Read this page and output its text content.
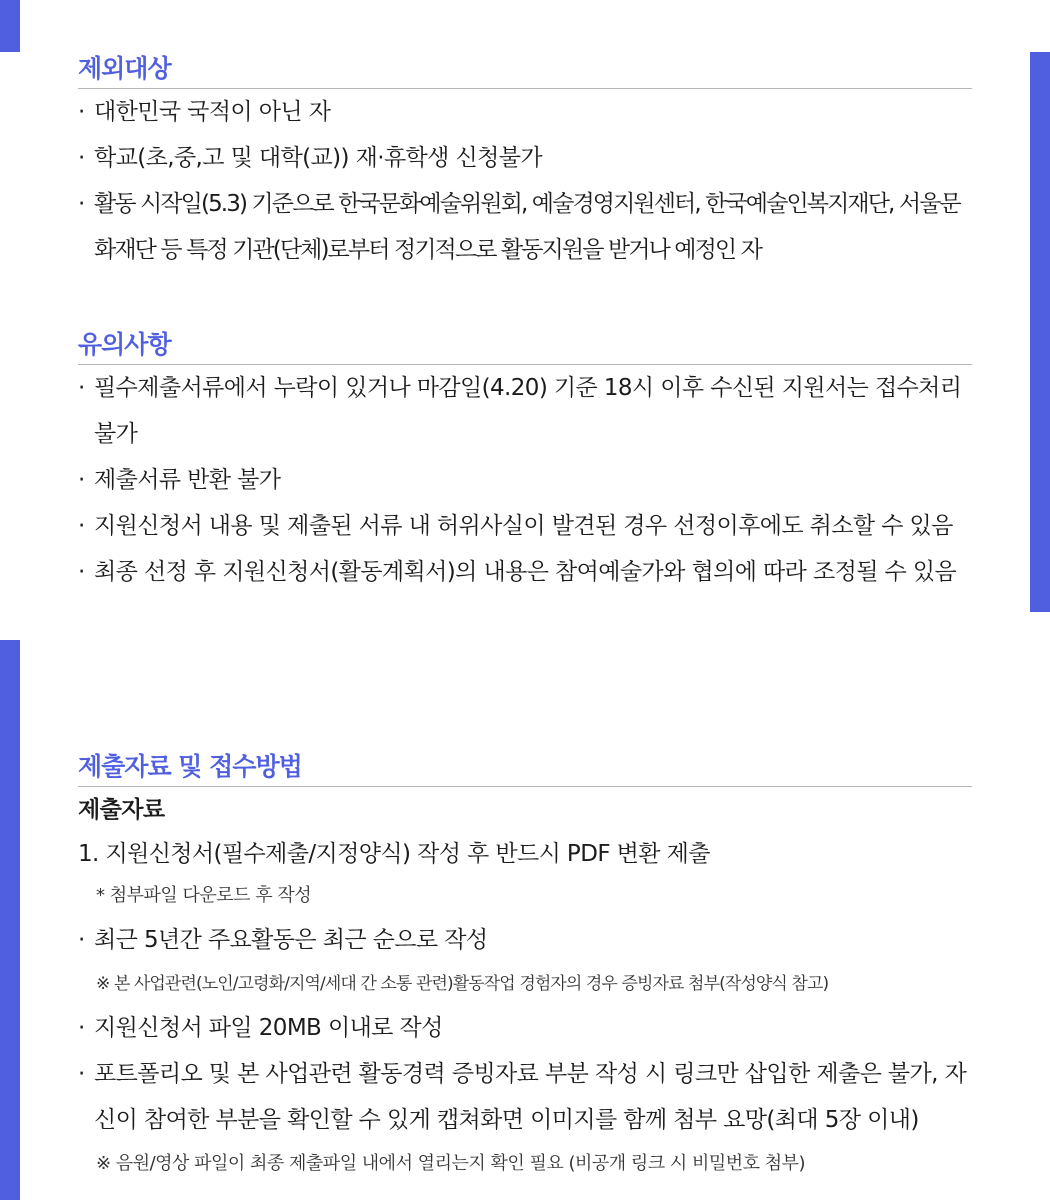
제외대상
· 대한민국 국적이 아닌 자
· 학교(초,중,고 및 대학(교)) 재·휴학생 신청불가
· 활동 시작일(5.3) 기준으로 한국문화예술위원회, 예술경영지원센터, 한국예술인복지재단, 서울문화재단 등 특정 기관(단체)로부터 정기적으로 활동지원을 받거나 예정인 자
유의사항
· 필수제출서류에서 누락이 있거나 마감일(4.20) 기준 18시 이후 수신된 지원서는 접수처리 불가
· 제출서류 반환 불가
· 지원신청서 내용 및 제출된 서류 내 허위사실이 발견된 경우 선정이후에도 취소할 수 있음
· 최종 선정 후 지원신청서(활동계획서)의 내용은 참여예술가와 협의에 따라 조정될 수 있음
제출자료 및 접수방법
제출자료
1. 지원신청서(필수제출/지정양식) 작성 후 반드시 PDF 변환 제출
* 첨부파일 다운로드 후 작성
· 최근 5년간 주요활동은 최근 순으로 작성
※ 본 사업관련(노인/고령화/지역/세대 간 소통 관련)활동작업 경험자의 경우 증빙자료 첨부(작성양식 참고)
· 지원신청서 파일 20MB 이내로 작성
· 포트폴리오 및 본 사업관련 활동경력 증빙자료 부분 작성 시 링크만 삽입한 제출은 불가, 자신이 참여한 부분을 확인할 수 있게 캡쳐화면 이미지를 함께 첨부 요망(최대 5장 이내)
※ 음원/영상 파일이 최종 제출파일 내에서 열리는지 확인 필요 (비공개 링크 시 비밀번호 첨부)
